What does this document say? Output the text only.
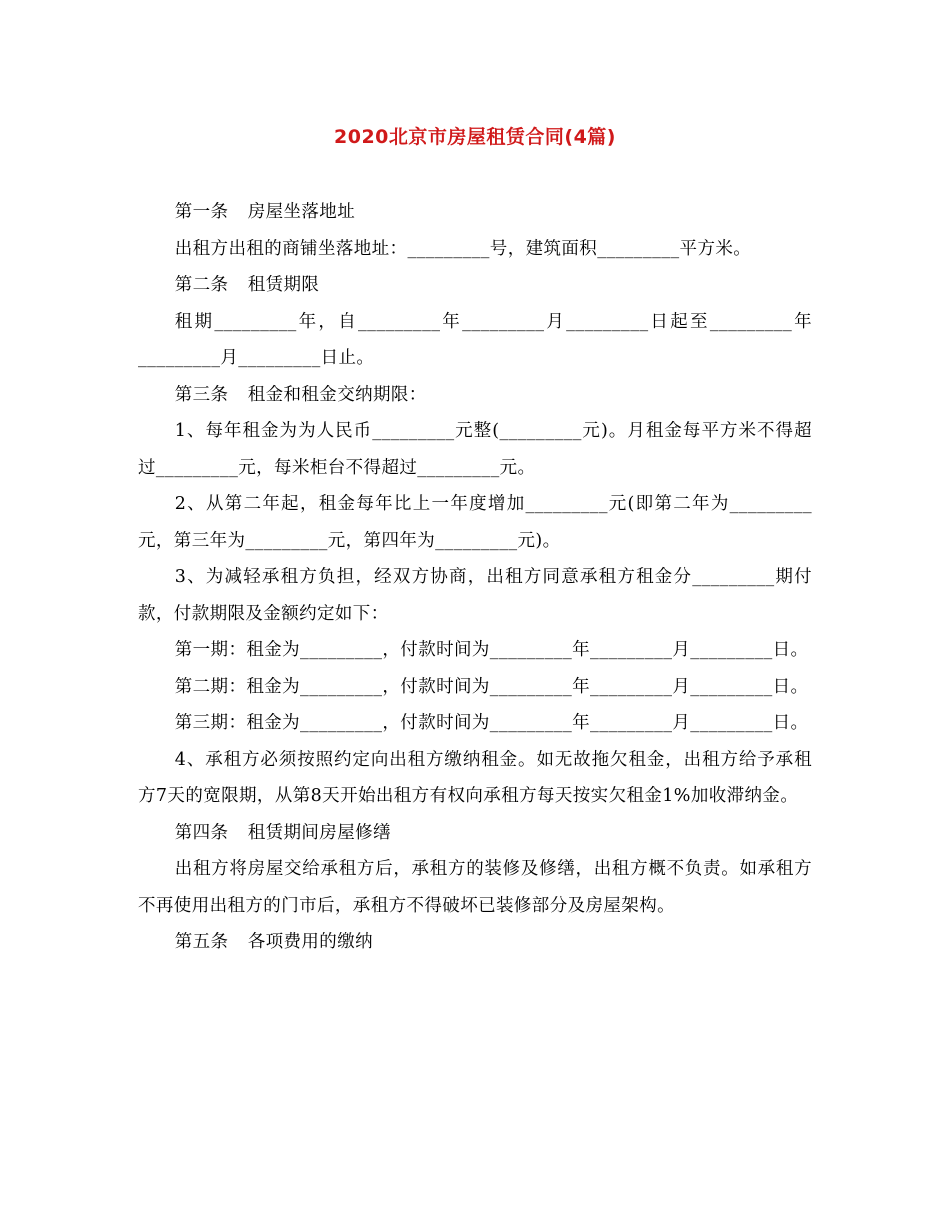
2020北京市房屋租赁合同(4篇)

第一条 房屋坐落地址

出租方出租的商铺坐落地址：_________号，建筑面积_________平方米。

第二条 租赁期限

租期_________年，自_________年_________月_________日起至_________年_________月_________日止。

第三条 租金和租金交纳期限：

1、每年租金为为人民币_________元整(_________元)。月租金每平方米不得超过_________元，每米柜台不得超过_________元。

2、从第二年起，租金每年比上一年度增加_________元(即第二年为_________元，第三年为_________元，第四年为_________元)。

3、为减轻承租方负担，经双方协商，出租方同意承租方租金分_________期付款，付款期限及金额约定如下：

第一期：租金为_________，付款时间为_________年_________月_________日。

第二期：租金为_________，付款时间为_________年_________月_________日。

第三期：租金为_________，付款时间为_________年_________月_________日。

4、承租方必须按照约定向出租方缴纳租金。如无故拖欠租金，出租方给予承租方7天的宽限期，从第8天开始出租方有权向承租方每天按实欠租金1%加收滞纳金。

第四条 租赁期间房屋修缮

出租方将房屋交给承租方后，承租方的装修及修缮，出租方概不负责。如承租方不再使用出租方的门市后，承租方不得破坏已装修部分及房屋架构。

第五条 各项费用的缴纳
